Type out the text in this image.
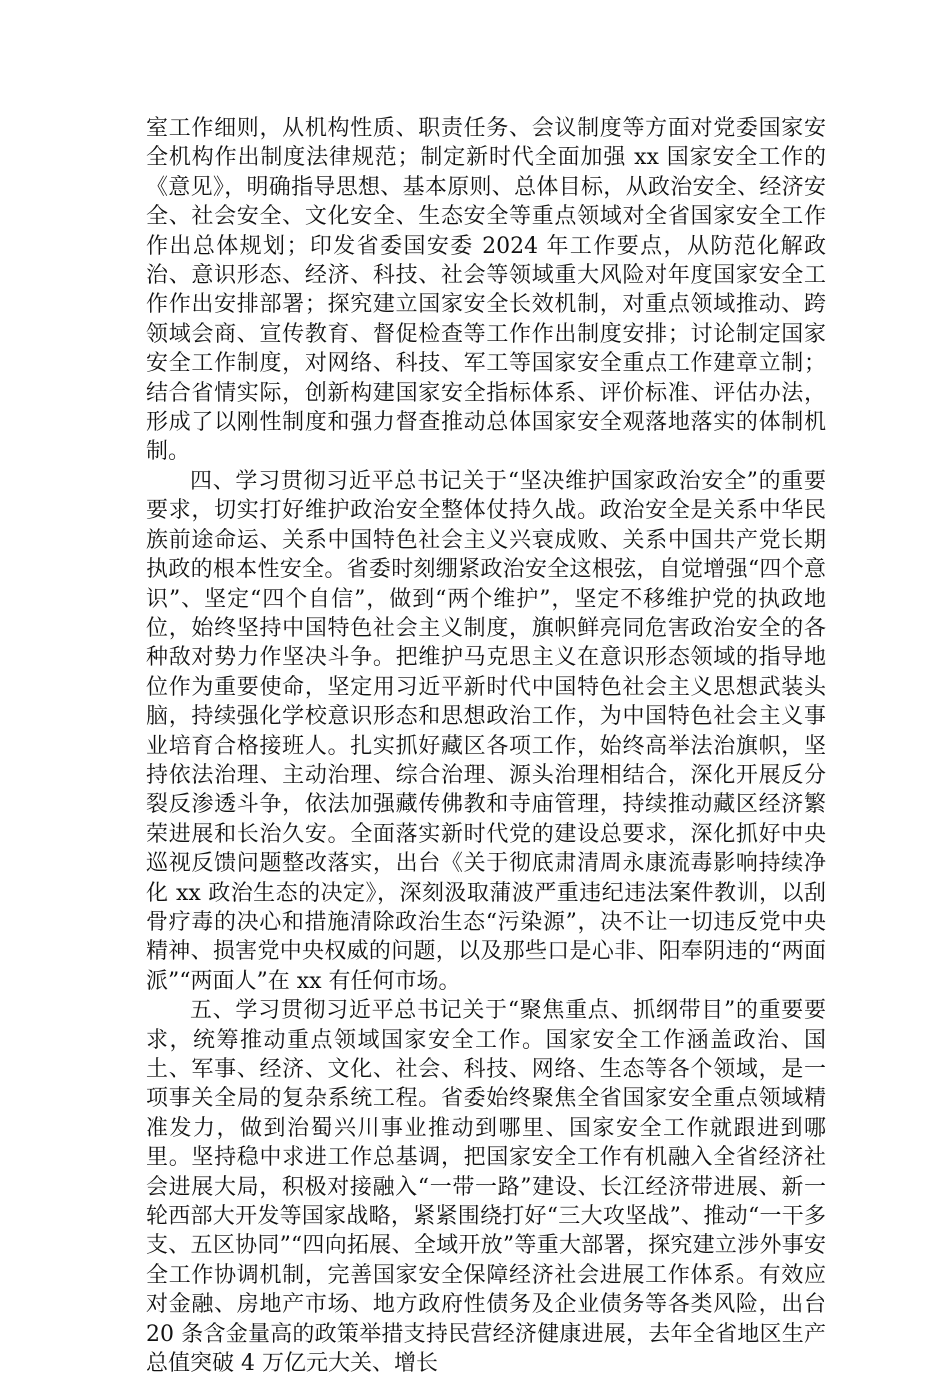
室工作细则，从机构性质、职责任务、会议制度等方面对党委国家安全机构作出制度法律规范；制定新时代全面加强 xx 国家安全工作的《意见》，明确指导思想、基本原则、总体目标，从政治安全、经济安全、社会安全、文化安全、生态安全等重点领域对全省国家安全工作作出总体规划；印发省委国安委 2024 年工作要点，从防范化解政治、意识形态、经济、科技、社会等领域重大风险对年度国家安全工作作出安排部署；探究建立国家安全长效机制，对重点领域推动、跨领域会商、宣传教育、督促检查等工作作出制度安排；讨论制定国家安全工作制度，对网络、科技、军工等国家安全重点工作建章立制；结合省情实际，创新构建国家安全指标体系、评价标准、评估办法，形成了以刚性制度和强力督查推动总体国家安全观落地落实的体制机制。

四、学习贯彻习近平总书记关于“坚决维护国家政治安全”的重要要求，切实打好维护政治安全整体仗持久战。政治安全是关系中华民族前途命运、关系中国特色社会主义兴衰成败、关系中国共产党长期执政的根本性安全。省委时刻绷紧政治安全这根弦，自觉增强“四个意识”、坚定“四个自信”，做到“两个维护”，坚定不移维护党的执政地位，始终坚持中国特色社会主义制度，旗帜鲜亮同危害政治安全的各种敌对势力作坚决斗争。把维护马克思主义在意识形态领域的指导地位作为重要使命，坚定用习近平新时代中国特色社会主义思想武装头脑，持续强化学校意识形态和思想政治工作，为中国特色社会主义事业培育合格接班人。扎实抓好藏区各项工作，始终高举法治旗帜，坚持依法治理、主动治理、综合治理、源头治理相结合，深化开展反分裂反渗透斗争，依法加强藏传佛教和寺庙管理，持续推动藏区经济繁荣进展和长治久安。全面落实新时代党的建设总要求，深化抓好中央巡视反馈问题整改落实，出台《关于彻底肃清周永康流毒影响持续净化 xx 政治生态的决定》，深刻汲取蒲波严重违纪违法案件教训，以刮骨疗毒的决心和措施清除政治生态“污染源”，决不让一切违反党中央精神、损害党中央权威的问题，以及那些口是心非、阳奉阴违的“两面派”“两面人”在 xx 有任何市场。

五、学习贯彻习近平总书记关于“聚焦重点、抓纲带目”的重要要求，统筹推动重点领域国家安全工作。国家安全工作涵盖政治、国土、军事、经济、文化、社会、科技、网络、生态等各个领域，是一项事关全局的复杂系统工程。省委始终聚焦全省国家安全重点领域精准发力，做到治蜀兴川事业推动到哪里、国家安全工作就跟进到哪里。坚持稳中求进工作总基调，把国家安全工作有机融入全省经济社会进展大局，积极对接融入“一带一路”建设、长江经济带进展、新一轮西部大开发等国家战略，紧紧围绕打好“三大攻坚战”、推动“一干多支、五区协同”“四向拓展、全域开放”等重大部署，探究建立涉外事安全工作协调机制，完善国家安全保障经济社会进展工作体系。有效应对金融、房地产市场、地方政府性债务及企业债务等各类风险，出台 20 条含金量高的政策举措支持民营经济健康进展，去年全省地区生产总值突破 4 万亿元大关、增长
